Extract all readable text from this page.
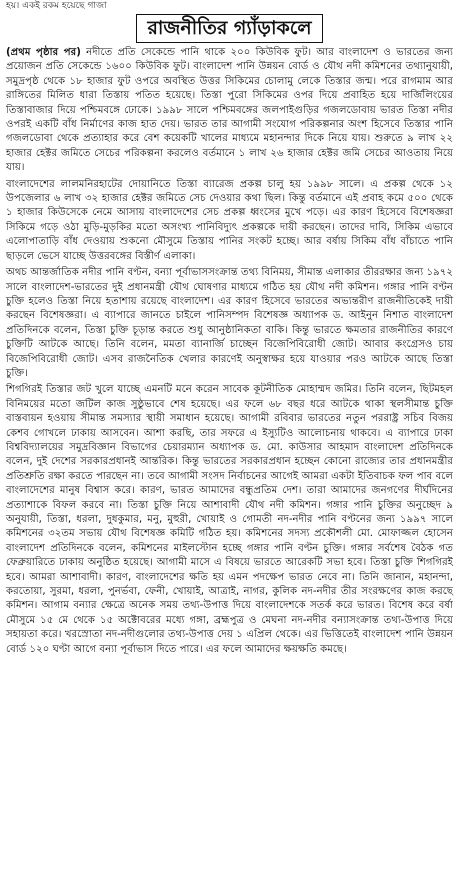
হয়। একই রকম হয়েছে গাজা
রাজনীতির গ্যাঁড়াকলে

(প্রথম পৃষ্ঠার পর) নদীতে প্রতি সেকেন্ডে পানি থাকে ২০০ কিউবিক ফুট। আর বাংলাদেশ ও ভারতের জন্য প্রয়োজন প্রতি সেকেন্ডে ১৬০০ কিউবিক ফুট। বাংলাদেশ পানি উন্নয়ন বোর্ড ও যৌথ নদী কমিশনের তথ্যানুযায়ী, সমুদ্রপৃষ্ঠ থেকে ১৮ হাজার ফুট ওপরে অবস্থিত উত্তর সিকিমের চোলামু লেকে তিস্তার জন্ম। পরে রাগমাম আর রাঙ্গিতের মিলিত ধারা তিস্তায় পতিত হয়েছে। তিস্তা পুরো সিকিমের ওপর দিয়ে প্রবাহিত হয়ে দার্জিলিংয়ের তিস্তাবাজার দিয়ে পশ্চিমবঙ্গে ঢোকে। ১৯৯৮ সালে পশ্চিমবঙ্গের জলপাইগুড়ির গজলডোবায় ভারত তিস্তা নদীর ওপরই একটি বাঁধ নির্মাণের কাজ হাত দেয়। ভারত তার আগামী সংযোগ পরিকল্পনার অংশ হিসেবে তিস্তার পানি গজলডোবা থেকে প্রত্যাহার করে বেশ কয়েকটি খালের মাধ্যমে মহানন্দার দিকে নিয়ে যায়। শুরুতে ৯ লাখ ২২ হাজার হেক্টর জমিতে সেচের পরিকল্পনা করলেও বর্তমানে ১ লাখ ২৬ হাজার হেক্টর জমি সেচের আওতায় নিয়ে যায়।

বাংলাদেশের লালমনিরহাটের দোয়ানিতে তিস্তা ব্যারেজ প্রকল্প চালু হয় ১৯৯৮ সালে। এ প্রকল্প থেকে ১২ উপজেলার ৬ লাখ ৩২ হাজার হেক্টর জমিতে সেচ দেওয়ার কথা ছিল। কিন্তু বর্তমানে এই প্রবাহ কমে ৫০০ থেকে ১ হাজার কিউসেকে নেমে আসায় বাংলাদেশের সেচ প্রকল্প ধ্বংসের মুখে পড়ে। এর কারণ হিসেবে বিশেষজ্ঞরা সিকিমে গড়ে ওঠা মুড়ি-মুড়কির মতো অসংখ্য পানিবিদ্যুৎ প্রকল্পকে দায়ী করছেন। তাদের দাবি, সিকিম এভাবে এলোপাতাড়ি বাঁধ দেওয়ায় শুকনো মৌসুমে তিস্তায় পানির সংকট হচ্ছে। আর বর্ষায় সিকিম বাঁধ বাঁচাতে পানি ছাড়লে ভেসে যাচ্ছে উত্তরবঙ্গের বিস্তীর্ণ এলাকা।

অথচ আন্তর্জাতিক নদীর পানি বণ্টন, বন্যা পূর্বাভাসসংক্রান্ত তথ্য বিনিময়, সীমান্ত এলাকার তীররক্ষার জন্য ১৯৭২ সালে বাংলাদেশ-ভারতের দুই প্রধানমন্ত্রী যৌথ ঘোষণার মাধ্যমে গঠিত হয় যৌথ নদী কমিশন। গঙ্গার পানি বণ্টন চুক্তি হলেও তিস্তা নিয়ে হতাশায় রয়েছে বাংলাদেশ। এর কারণ হিসেবে ভারতের অভ্যন্তরীণ রাজনীতিকেই দায়ী করছেন বিশেষজ্ঞরা। এ ব্যাপারে জানতে চাইলে পানিসম্পদ বিশেষজ্ঞ অধ্যাপক ড. আইনুন নিশাত বাংলাদেশ প্রতিদিনকে বলেন, তিস্তা চুক্তি চূড়ান্ত করতে শুধু আনুষ্ঠানিকতা বাকি। কিন্তু ভারতে ক্ষমতার রাজনীতির কারণে চুক্তিটি আটকে আছে। তিনি বলেন, মমতা ব্যানার্জি চাচ্ছেন বিজেপিবিরোধী জোট। আবার কংগ্রেসও চায় বিজেপিবিরোধী জোট। এসব রাজনৈতিক খেলার কারণেই অনুস্বাক্ষর হয়ে যাওয়ার পরও আটকে আছে তিস্তা চুক্তি।

শিগগিরই তিস্তার জট খুলে যাচ্ছে এমনটি মনে করেন সাবেক কূটনীতিক মোহাম্মদ জমির। তিনি বলেন, ছিটমহল বিনিময়ের মতো জটিল কাজ সুষ্ঠুভাবে শেষ হয়েছে। এর ফলে ৬৮ বছর ধরে আটকে থাকা স্থলসীমান্ত চুক্তি বাস্তবায়ন হওয়ায় সীমান্ত সমস্যার স্থায়ী সমাধান হয়েছে। আগামী রবিবার ভারতের নতুন পররাষ্ট্র সচিব বিজয় কেশব গোখলে ঢাকায় আসবেন। আশা করছি, তার সফরে এ ইস্যুটিও আলোচনায় থাকবে। এ ব্যাপারে ঢাকা বিশ্ববিদ্যালয়ের সমুদ্রবিজ্ঞান বিভাগের চেয়ারম্যান অধ্যাপক ড. মো. কাউসার আহমাদ বাংলাদেশ প্রতিদিনকে বলেন, দুই দেশের সরকারপ্রধানই আন্তরিক। কিন্তু ভারতের সরকারপ্রধান হচ্ছেন কোনো রাজ্যের তার প্রধানমন্ত্রীর প্রতিশ্রুতি রক্ষা করতে পারছেন না। তবে আগামী সংসদ নির্বাচনের আগেই আমরা একটা ইতিবাচক ফল পাব বলে বাংলাদেশের মানুষ বিশ্বাস করে। কারণ, ভারত আমাদের বন্ধুপ্রতিম দেশ। তারা আমাদের জনগণের দীর্ঘদিনের প্রত্যাশাকে বিফল করবে না। তিস্তা চুক্তি নিয়ে আশাবাদী যৌথ নদী কমিশন। গঙ্গার পানি চুক্তির অনুচ্ছেদ ৯ অনুযায়ী, তিস্তা, ধরলা, দুধকুমার, মনু, মুহুরী, খোয়াই ও গোমতী নদ-নদীর পানি বণ্টনের জন্য ১৯৯৭ সালে কমিশনের ৩২তম সভায় যৌথ বিশেষজ্ঞ কমিটি গঠিত হয়। কমিশনের সদস্য প্রকৌশলী মো. মোফাজ্জল হোসেন বাংলাদেশ প্রতিদিনকে বলেন, কমিশনের মাইলস্টোন হচ্ছে গঙ্গার পানি বণ্টন চুক্তি। গঙ্গার সর্বশেষ বৈঠক গত ফেব্রুয়ারিতে ঢাকায় অনুষ্ঠিত হয়েছে। আগামী মাসে এ বিষয়ে ভারতে আরেকটি সভা হবে। তিস্তা চুক্তি শিগগিরই হবে। আমরা আশাবাদী। কারণ, বাংলাদেশের ক্ষতি হয় এমন পদক্ষেপ ভারত নেবে না। তিনি জানান, মহানন্দা, করতোয়া, সুরমা, ধরলা, পুনর্ভবা, ফেনী, খোয়াই, আত্রাই, নাগর, কুলিক নদ-নদীর তীর সংরক্ষণের কাজ করছে কমিশন। আগাম বন্যার ক্ষেত্রে অনেক সময় তথ্য-উপাত্ত দিয়ে বাংলাদেশকে সতর্ক করে ভারত। বিশেষ করে বর্ষা মৌসুমে ১৫ মে থেকে ১৫ অক্টোবরের মধ্যে গঙ্গা, ব্রহ্মপুত্র ও মেঘনা নদ-নদীর বন্যাসংক্রান্ত তথ্য-উপাত্ত দিয়ে সহায়তা করে। খরস্রোতা নদ-নদীগুলোর তথ্য-উপাত্ত দেয় ১ এপ্রিল থেকে। এর ভিত্তিতেই বাংলাদেশ পানি উন্নয়ন বোর্ড ১২০ ঘণ্টা আগে বন্যা পূর্বাভাস দিতে পারে। এর ফলে আমাদের ক্ষয়ক্ষতি কমছে।
